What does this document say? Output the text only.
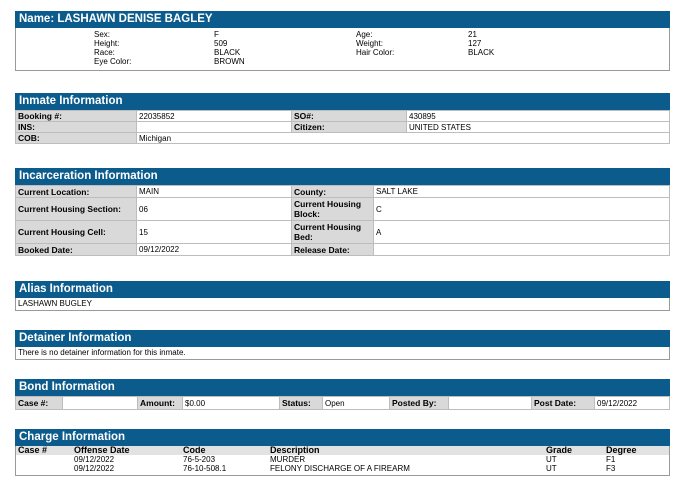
Name: LASHAWN DENISE BAGLEY
	Sex:	F	Age:	21
	Height:	509	Weight:	127
	Race:	BLACK	Hair Color:	BLACK
	Eye Color:	BROWN		
Inmate Information
Booking #:	22035852	SO#:	430895
INS:		Citizen:	UNITED STATES
COB:	Michigan		
Incarceration Information
Current Location:	MAIN	County:	SALT LAKE
Current Housing Section:	06	Current Housing Block:	C
Current Housing Cell:	15	Current Housing Bed:	A
Booked Date:	09/12/2022	Release Date:	
Alias Information
LASHAWN BUGLEY
Detainer Information
There is no detainer information for this inmate.
Bond Information
Case #:		Amount:	$0.00	Status:	Open	Posted By:		Post Date:	09/12/2022
Charge Information
Case #	Offense Date	Code	Description	Grade	Degree
	09/12/2022	76-5-203	MURDER	UT	F1
	09/12/2022	76-10-508.1	FELONY DISCHARGE OF A FIREARM	UT	F3
